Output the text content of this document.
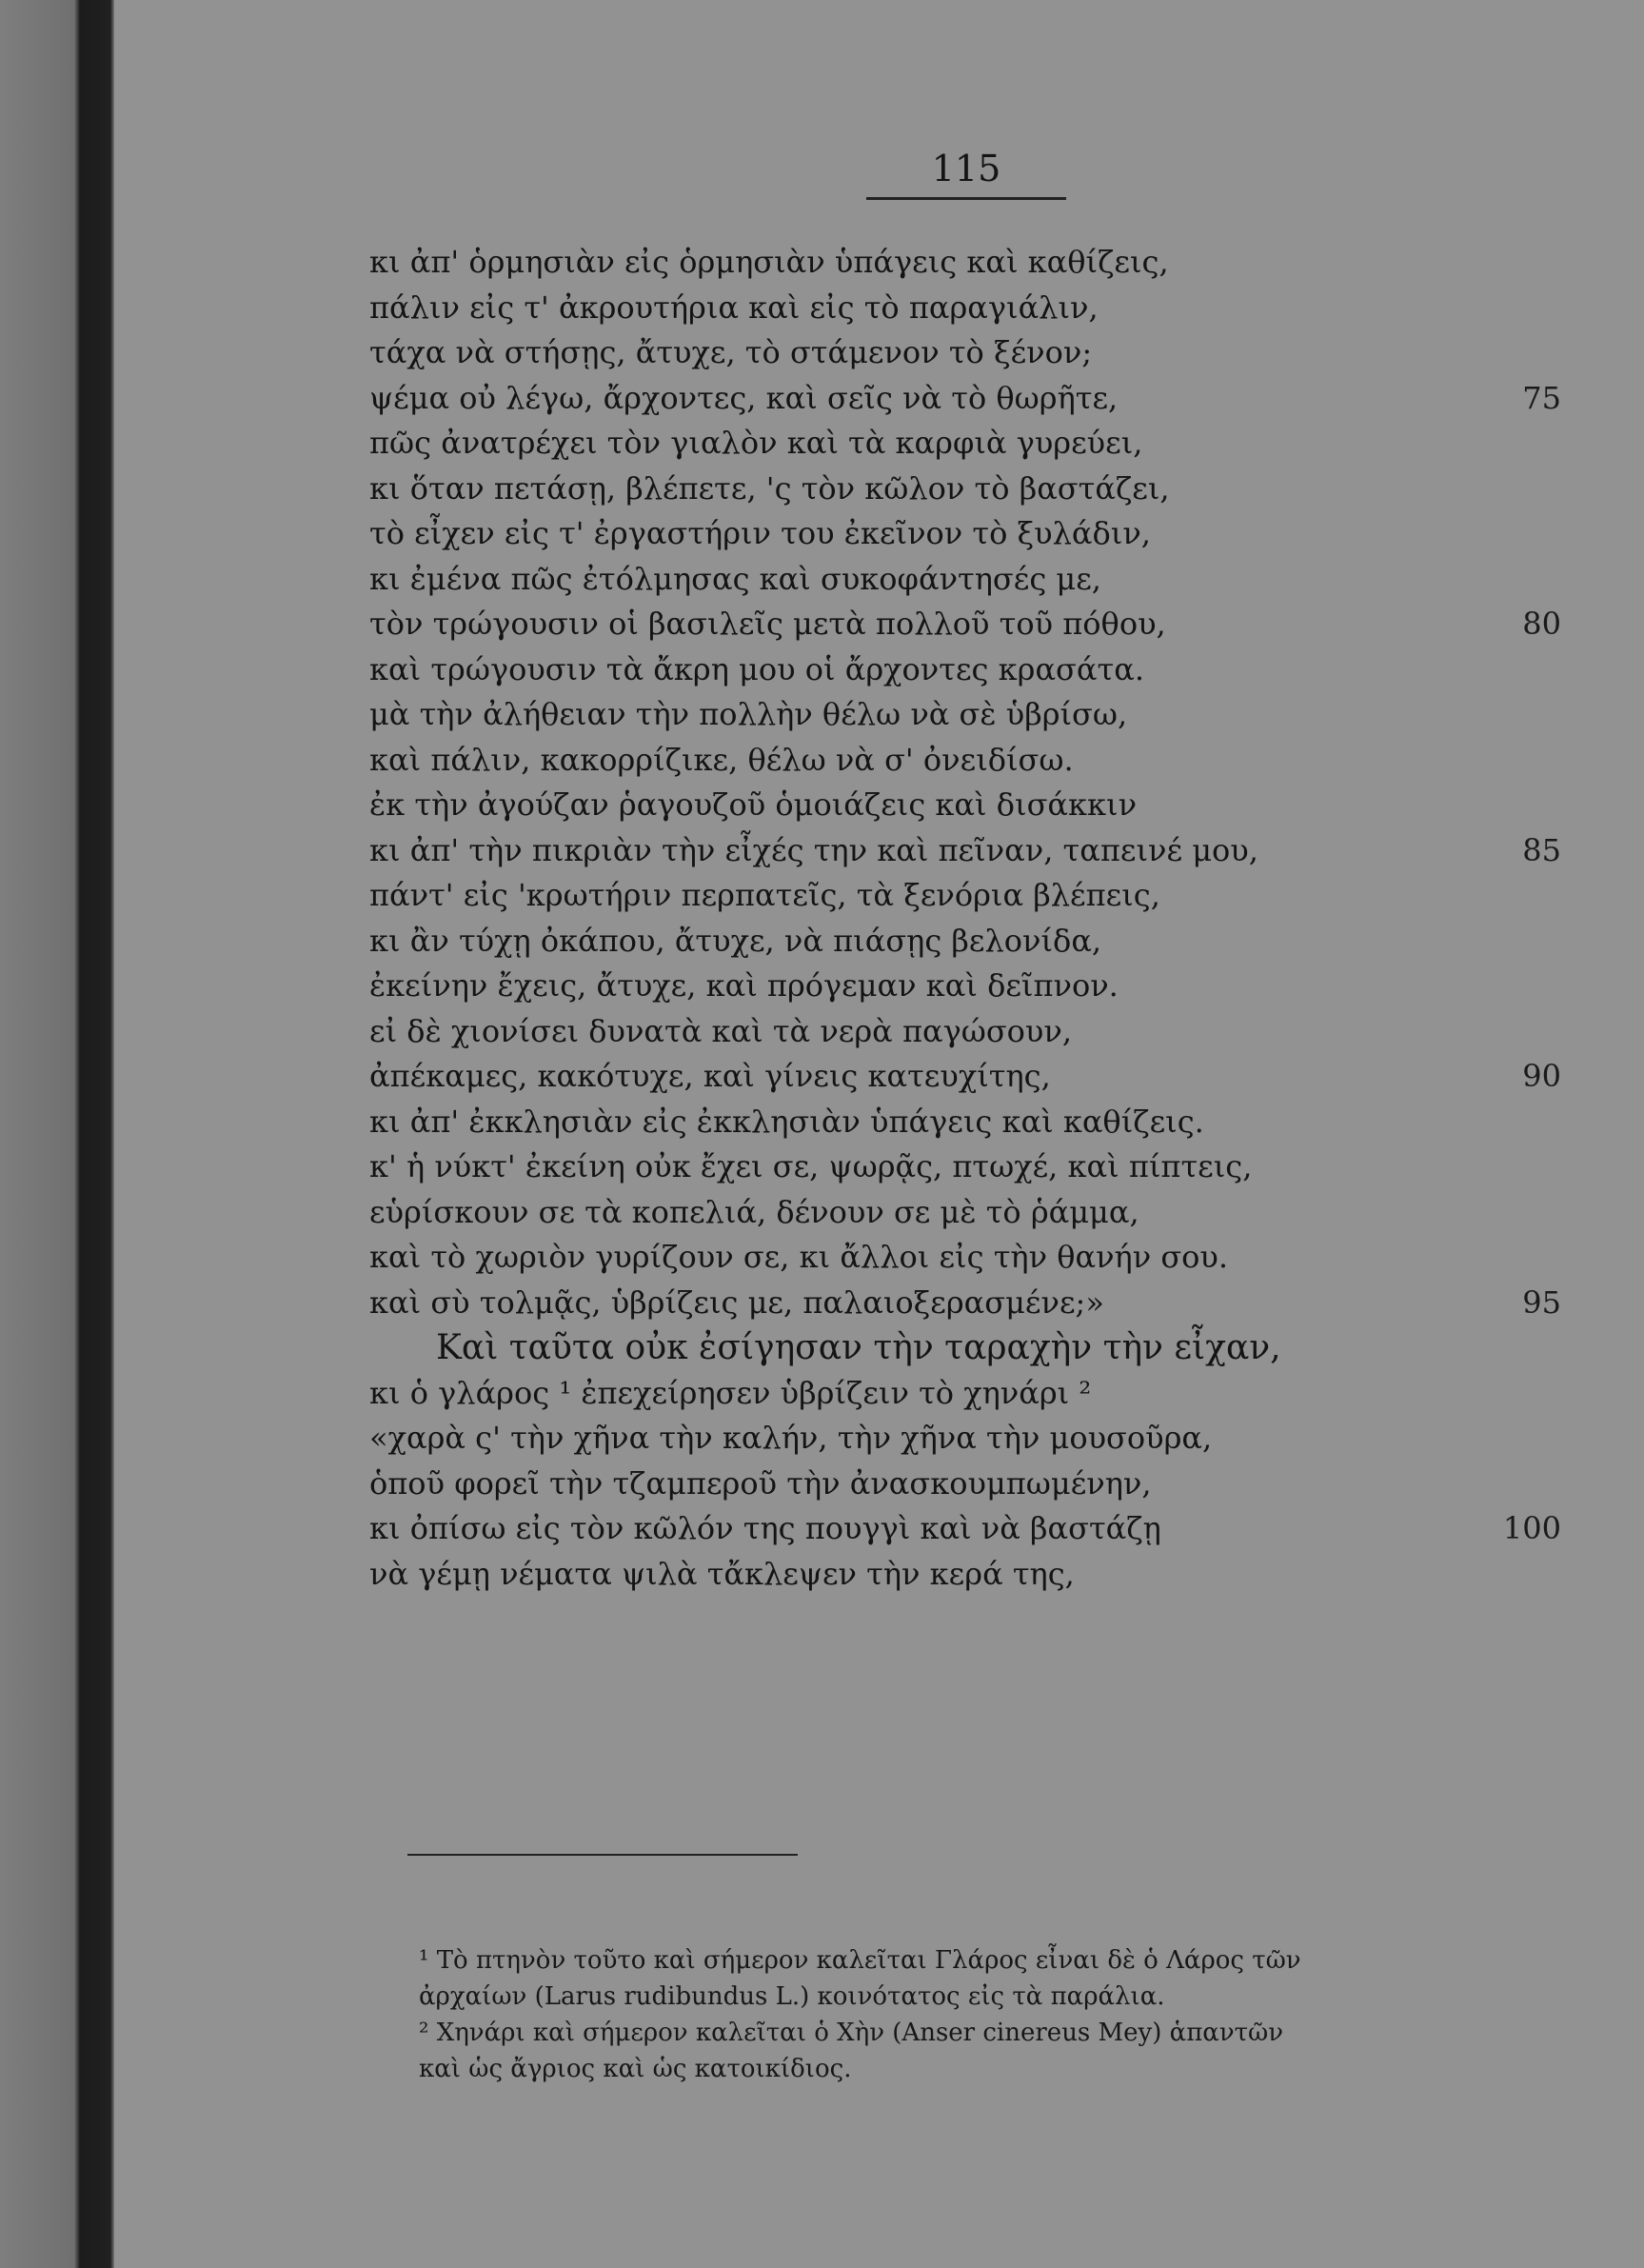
115
κι ἀπ' ὁρμησιὰν εἰς ὁρμησιὰν ὑπάγεις καὶ καθίζεις,
πάλιν εἰς τ' ἀκρουτήρια καὶ εἰς τὸ παραγιάλιν,
τάχα νὰ στήσῃς, ἄτυχε, τὸ στάμενον τὸ ξένον;
ψέμα οὐ λέγω, ἄρχοντες, καὶ σεῖς νὰ τὸ θωρῆτε,	75
πῶς ἀνατρέχει τὸν γιαλὸν καὶ τὰ καρφιὰ γυρεύει,
κι ὅταν πετάσῃ, βλέπετε, 'ς τὸν κῶλον τὸ βαστάζει,
τὸ εἶχεν εἰς τ' ἐργαστήριν του ἐκεῖνον τὸ ξυλάδιν,
κι ἐμένα πῶς ἐτόλμησας καὶ συκοφάντησές με,
τὸν τρώγουσιν οἱ βασιλεῖς μετὰ πολλοῦ τοῦ πόθου,	80
καὶ τρώγουσιν τὰ ἄκρη μου οἱ ἄρχοντες κρασάτα.
μὰ τὴν ἀλήθειαν τὴν πολλὴν θέλω νὰ σὲ ὑβρίσω,
καὶ πάλιν, κακορρίζικε, θέλω νὰ σ' ὀνειδίσω.
ἐκ τὴν ἀγούζαν ῥαγουζοῦ ὁμοιάζεις καὶ δισάκκιν
κι ἀπ' τὴν πικριὰν τὴν εἶχές την καὶ πεῖναν, ταπεινέ μου,	85
πάντ' εἰς 'κρωτήριν περπατεῖς, τὰ ξενόρια βλέπεις,
κι ἂν τύχῃ ὀκάπου, ἄτυχε, νὰ πιάσῃς βελονίδα,
ἐκείνην ἔχεις, ἄτυχε, καὶ πρόγεμαν καὶ δεῖπνον.
εἰ δὲ χιονίσει δυνατὰ καὶ τὰ νερὰ παγώσουν,
ἀπέκαμες, κακότυχε, καὶ γίνεις κατευχίτης,	90
κι ἀπ' ἐκκλησιὰν εἰς ἐκκλησιὰν ὑπάγεις καὶ καθίζεις.
κ' ἡ νύκτ' ἐκείνη οὐκ ἔχει σε, ψωρᾷς, πτωχέ, καὶ πίπτεις,
εὑρίσκουν σε τὰ κοπελιά, δένουν σε μὲ τὸ ῥάμμα,
καὶ τὸ χωριὸν γυρίζουν σε, κι ἄλλοι εἰς τὴν θανήν σου.
καὶ σὺ τολμᾷς, ὑβρίζεις με, παλαιοξερασμένε;»	95
Καὶ ταῦτα οὐκ ἐσίγησαν τὴν ταραχὴν τὴν εἶχαν,
κι ὁ γλάρος ¹ ἐπεχείρησεν ὑβρίζειν τὸ χηνάρι ²
«χαρὰ ς' τὴν χῆνα τὴν καλήν, τὴν χῆνα τὴν μουσοῦρα,
ὁποῦ φορεῖ τὴν τζαμπεροῦ τὴν ἀνασκουμπωμένην,
κι ὀπίσω εἰς τὸν κῶλόν της πουγγὶ καὶ νὰ βαστάζῃ	100
νὰ γέμῃ νέματα ψιλὰ τἄκλεψεν τὴν κερά της,

¹ Τὸ πτηνὸν τοῦτο καὶ σήμερον καλεῖται Γλάρος εἶναι δὲ ὁ Λάρος τῶν

ἀρχαίων (Larus rudibundus L.) κοινότατος εἰς τὰ παράλια.

² Χηνάρι καὶ σήμερον καλεῖται ὁ Χὴν (Anser cinereus Mey) ἁπαντῶν

καὶ ὡς ἄγριος καὶ ὡς κατοικίδιος.
